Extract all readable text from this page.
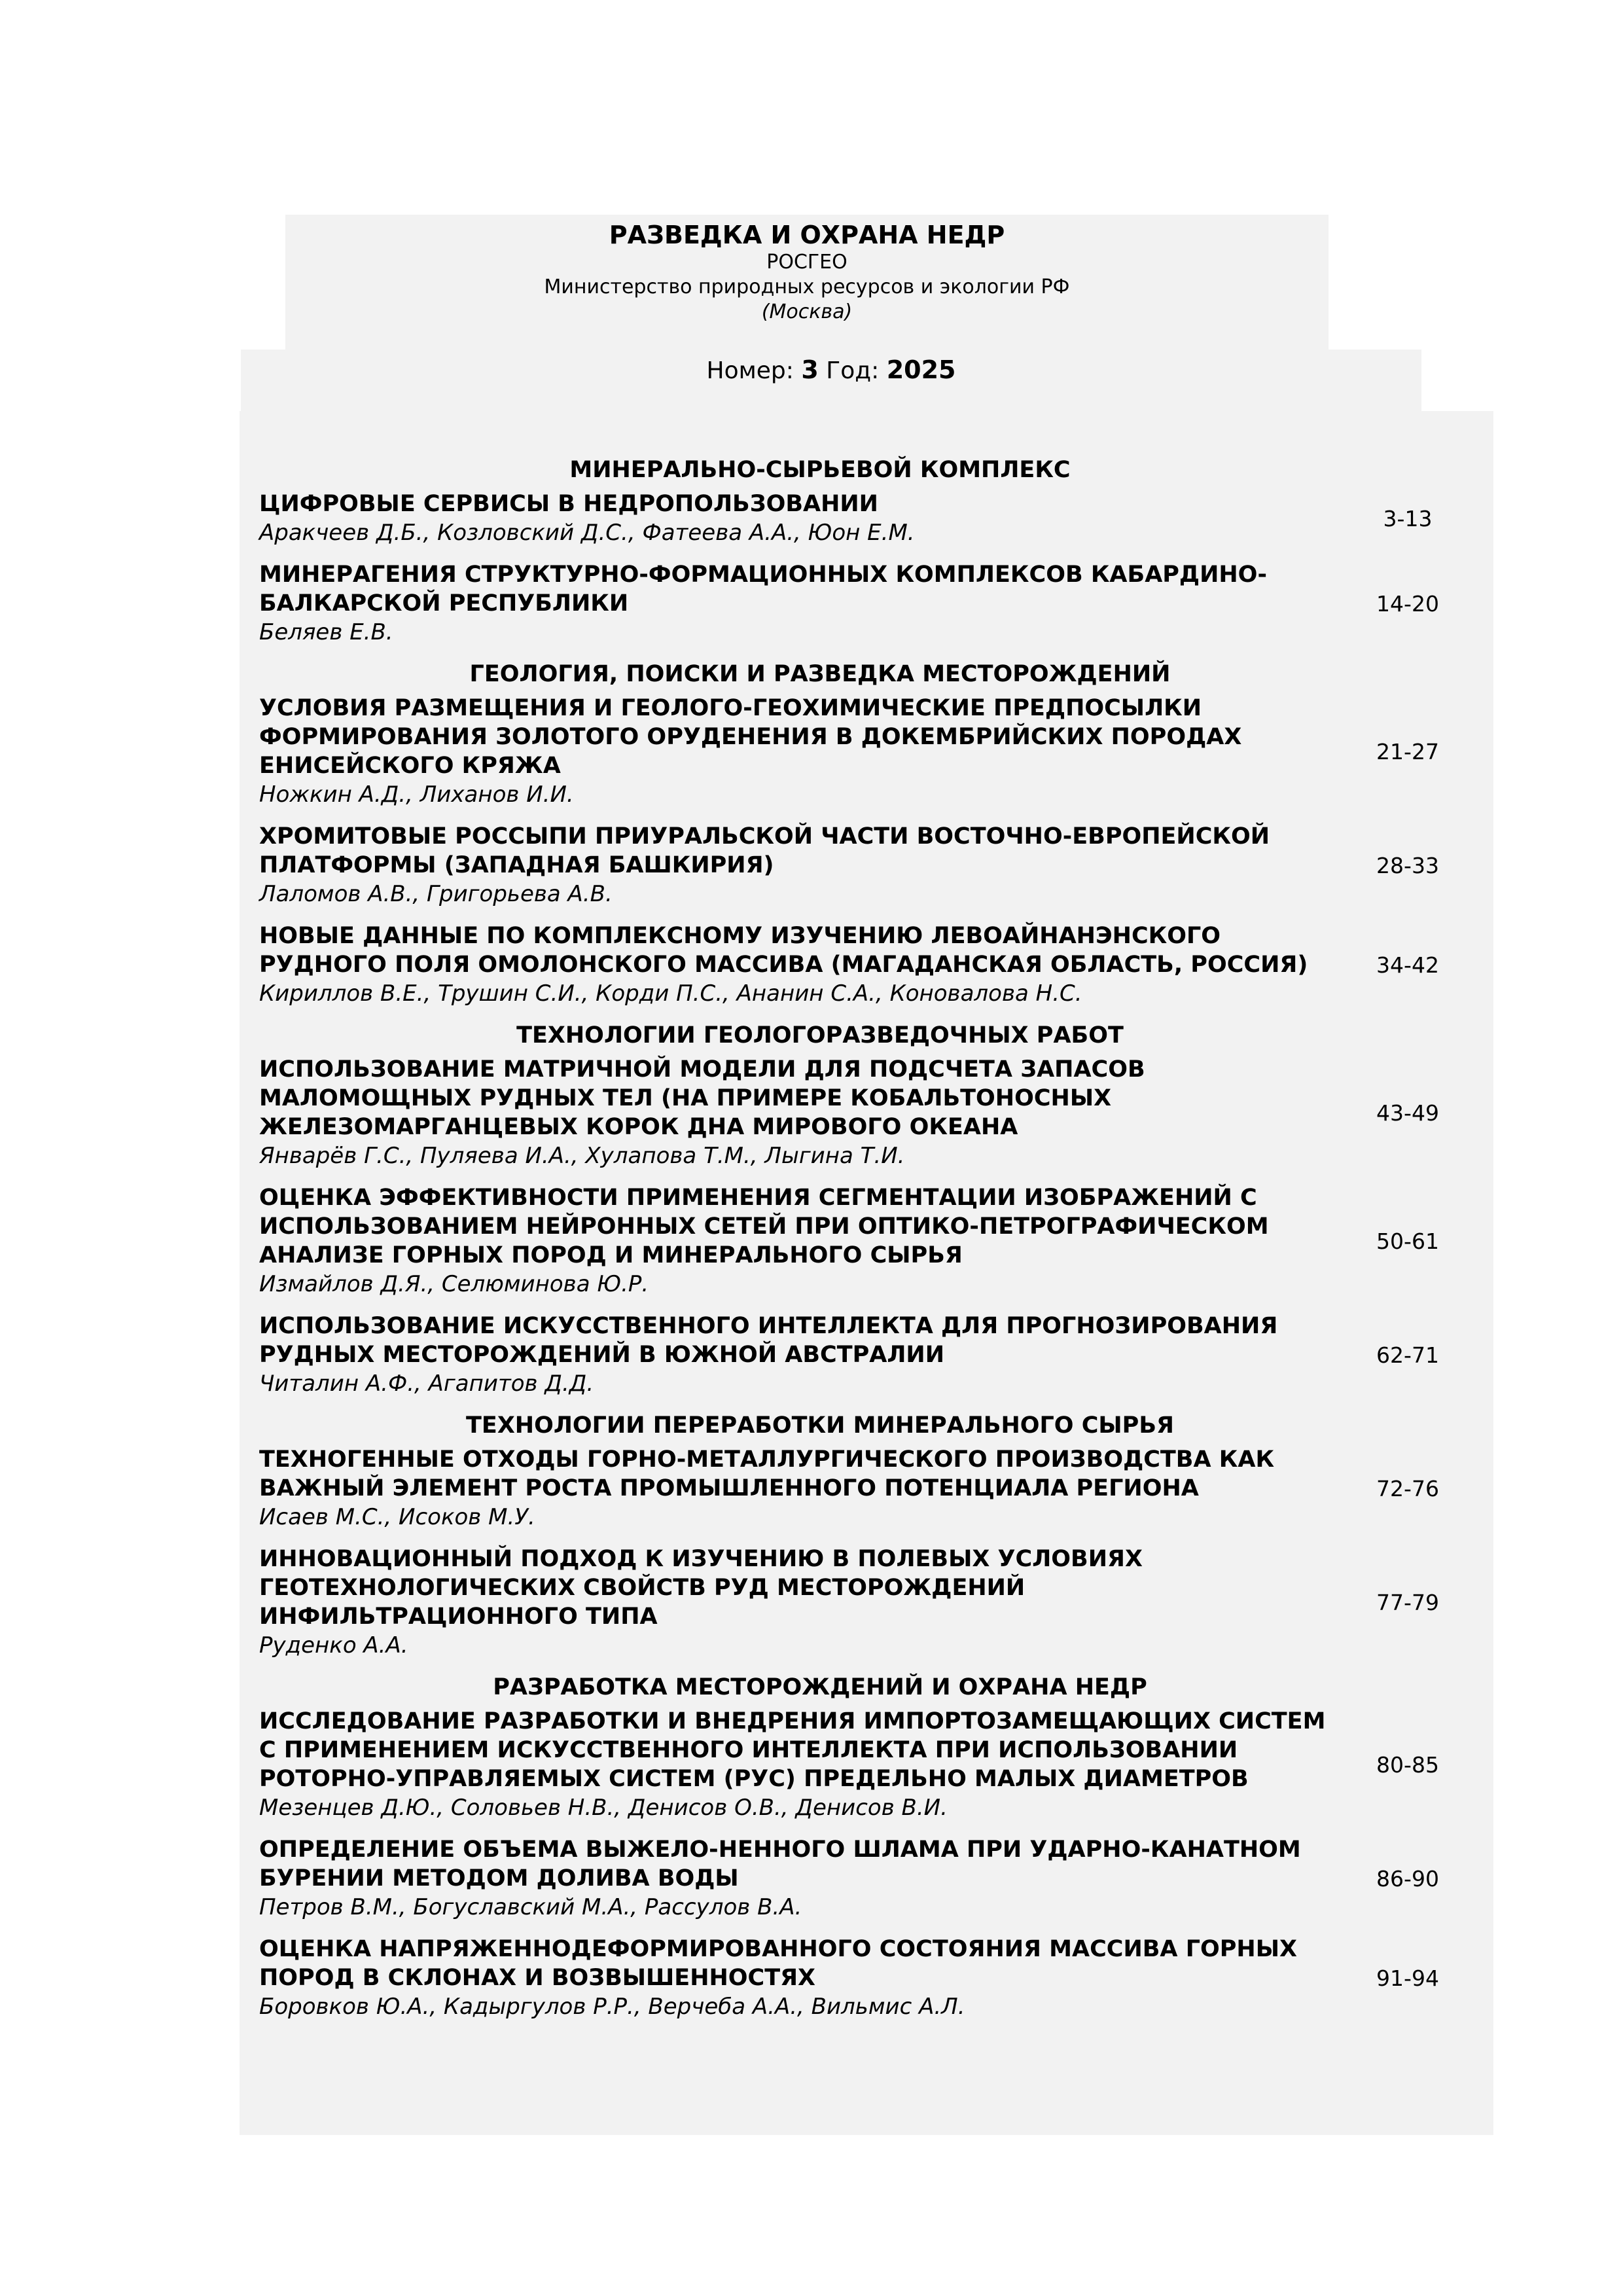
РАЗВЕДКА И ОХРАНА НЕДР
РОСГЕО
Министерство природных ресурсов и экологии РФ
(Москва)
Номер: 3 Год: 2025
МИНЕРАЛЬНО-СЫРЬЕВОЙ КОМПЛЕКС
ЦИФРОВЫЕ СЕРВИСЫ В НЕДРОПОЛЬЗОВАНИИ
Аракчеев Д.Б., Козловский Д.С., Фатеева А.А., Юон Е.М.
3-13
МИНЕРАГЕНИЯ СТРУКТУРНО-ФОРМАЦИОННЫХ КОМПЛЕКСОВ КАБАРДИНО-БАЛКАРСКОЙ РЕСПУБЛИКИ
Беляев Е.В.
14-20
ГЕОЛОГИЯ, ПОИСКИ И РАЗВЕДКА МЕСТОРОЖДЕНИЙ
УСЛОВИЯ РАЗМЕЩЕНИЯ И ГЕОЛОГО-ГЕОХИМИЧЕСКИЕ ПРЕДПОСЫЛКИ ФОРМИРОВАНИЯ ЗОЛОТОГО ОРУДЕНЕНИЯ В ДОКЕМБРИЙСКИХ ПОРОДАХ ЕНИСЕЙСКОГО КРЯЖА
Ножкин А.Д., Лиханов И.И.
21-27
ХРОМИТОВЫЕ РОССЫПИ ПРИУРАЛЬСКОЙ ЧАСТИ ВОСТОЧНО-ЕВРОПЕЙСКОЙ ПЛАТФОРМЫ (ЗАПАДНАЯ БАШКИРИЯ)
Лаломов А.В., Григорьева А.В.
28-33
НОВЫЕ ДАННЫЕ ПО КОМПЛЕКСНОМУ ИЗУЧЕНИЮ ЛЕВОАЙНАНЭНСКОГО РУДНОГО ПОЛЯ ОМОЛОНСКОГО МАССИВА (МАГАДАНСКАЯ ОБЛАСТЬ, РОССИЯ)
Кириллов В.Е., Трушин С.И., Корди П.С., Ананин С.А., Коновалова Н.С.
34-42
ТЕХНОЛОГИИ ГЕОЛОГОРАЗВЕДОЧНЫХ РАБОТ
ИСПОЛЬЗОВАНИЕ МАТРИЧНОЙ МОДЕЛИ ДЛЯ ПОДСЧЕТА ЗАПАСОВ МАЛОМОЩНЫХ РУДНЫХ ТЕЛ (НА ПРИМЕРЕ КОБАЛЬТОНОСНЫХ ЖЕЛЕЗОМАРГАНЦЕВЫХ КОРОК ДНА МИРОВОГО ОКЕАНА
Январёв Г.С., Пуляева И.А., Хулапова Т.М., Лыгина Т.И.
43-49
ОЦЕНКА ЭФФЕКТИВНОСТИ ПРИМЕНЕНИЯ СЕГМЕНТАЦИИ ИЗОБРАЖЕНИЙ С ИСПОЛЬЗОВАНИЕМ НЕЙРОННЫХ СЕТЕЙ ПРИ ОПТИКО-ПЕТРОГРАФИЧЕСКОМ АНАЛИЗЕ ГОРНЫХ ПОРОД И МИНЕРАЛЬНОГО СЫРЬЯ
Измайлов Д.Я., Селюминова Ю.Р.
50-61
ИСПОЛЬЗОВАНИЕ ИСКУССТВЕННОГО ИНТЕЛЛЕКТА ДЛЯ ПРОГНОЗИРОВАНИЯ РУДНЫХ МЕСТОРОЖДЕНИЙ В ЮЖНОЙ АВСТРАЛИИ
Читалин А.Ф., Агапитов Д.Д.
62-71
ТЕХНОЛОГИИ ПЕРЕРАБОТКИ МИНЕРАЛЬНОГО СЫРЬЯ
ТЕХНОГЕННЫЕ ОТХОДЫ ГОРНО-МЕТАЛЛУРГИЧЕСКОГО ПРОИЗВОДСТВА КАК ВАЖНЫЙ ЭЛЕМЕНТ РОСТА ПРОМЫШЛЕННОГО ПОТЕНЦИАЛА РЕГИОНА
Исаев М.С., Исоков М.У.
72-76
ИННОВАЦИОННЫЙ ПОДХОД К ИЗУЧЕНИЮ В ПОЛЕВЫХ УСЛОВИЯХ ГЕОТЕХНОЛОГИЧЕСКИХ СВОЙСТВ РУД МЕСТОРОЖДЕНИЙ ИНФИЛЬТРАЦИОННОГО ТИПА
Руденко А.А.
77-79
РАЗРАБОТКА МЕСТОРОЖДЕНИЙ И ОХРАНА НЕДР
ИССЛЕДОВАНИЕ РАЗРАБОТКИ И ВНЕДРЕНИЯ ИМПОРТОЗАМЕЩАЮЩИХ СИСТЕМ С ПРИМЕНЕНИЕМ ИСКУССТВЕННОГО ИНТЕЛЛЕКТА ПРИ ИСПОЛЬЗОВАНИИ РОТОРНО-УПРАВЛЯЕМЫХ СИСТЕМ (РУС) ПРЕДЕЛЬНО МАЛЫХ ДИАМЕТРОВ
Мезенцев Д.Ю., Соловьев Н.В., Денисов О.В., Денисов В.И.
80-85
ОПРЕДЕЛЕНИЕ ОБЪЕМА ВЫЖЕЛО-НЕННОГО ШЛАМА ПРИ УДАРНО-КАНАТНОМ БУРЕНИИ МЕТОДОМ ДОЛИВА ВОДЫ
Петров В.М., Богуславский М.А., Рассулов В.А.
86-90
ОЦЕНКА НАПРЯЖЕННОДЕФОРМИРОВАННОГО СОСТОЯНИЯ МАССИВА ГОРНЫХ ПОРОД В СКЛОНАХ И ВОЗВЫШЕННОСТЯХ
Боровков Ю.А., Кадыргулов Р.Р., Верчеба А.А., Вильмис А.Л.
91-94
